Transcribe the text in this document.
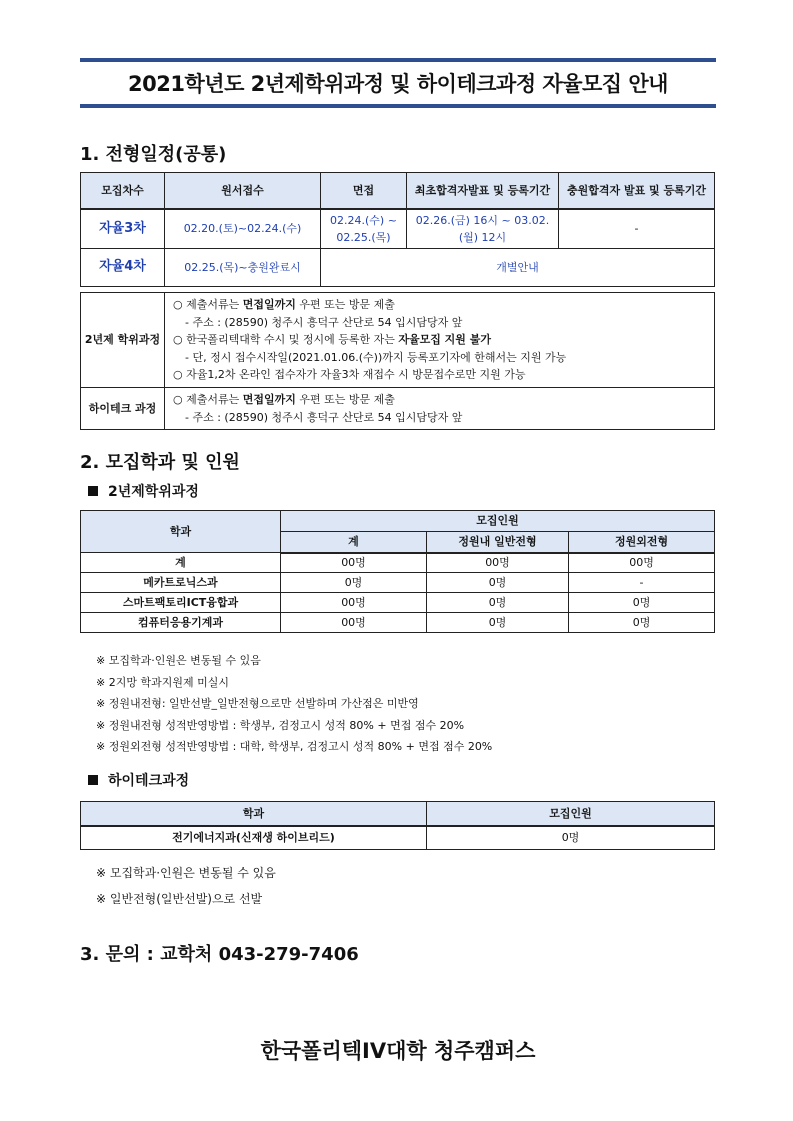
2021학년도 2년제학위과정 및 하이테크과정 자율모집 안내
1. 전형일정(공통)
모집차수	원서접수	면접	최초합격자발표 및 등록기간	충원합격자 발표 및 등록기간
자율3차	02.20.(토)~02.24.(수)	02.24.(수) ~ 02.25.(목)	02.26.(금) 16시 ~ 03.02.(월) 12시	-
자율4차	02.25.(목)~충원완료시	개별안내		
2년제 학위과정	○ 제출서류는 면접일까지 우편 또는 방문 제출
- 주소 : (28590) 청주시 흥덕구 산단로 54 입시담당자 앞
○ 한국폴리텍대학 수시 및 정시에 등록한 자는 자율모집 지원 불가
- 단, 정시 접수시작일(2021.01.06.(수))까지 등록포기자에 한해서는 지원 가능
○ 자율1,2차 온라인 접수자가 자율3차 재접수 시 방문접수로만 지원 가능

하이테크 과정	○ 제출서류는 면접일까지 우편 또는 방문 제출
- 주소 : (28590) 청주시 흥덕구 산단로 54 입시담당자 앞
2. 모집학과 및 인원
2년제학위과정
학과	모집인원		
	계	정원내 일반전형	정원외전형
계	00명	00명	00명
메카트로닉스과	0명	0명	-
스마트팩토리ICT융합과	00명	0명	0명
컴퓨터응용기계과	00명	0명	0명
※ 모집학과·인원은 변동될 수 있음
※ 2지망 학과지원제 미실시
※ 정원내전형: 일반선발_일반전형으로만 선발하며 가산점은 미반영
※ 정원내전형 성적반영방법 : 학생부, 검정고시 성적 80% + 면접 점수 20%
※ 정원외전형 성적반영방법 : 대학, 학생부, 검정고시 성적 80% + 면접 점수 20%
하이테크과정
학과	모집인원
전기에너지과(신재생 하이브리드)	0명
※ 모집학과·인원은 변동될 수 있음
※ 일반전형(일반선발)으로 선발
3. 문의 : 교학처 043-279-7406
한국폴리텍IV대학 청주캠퍼스
